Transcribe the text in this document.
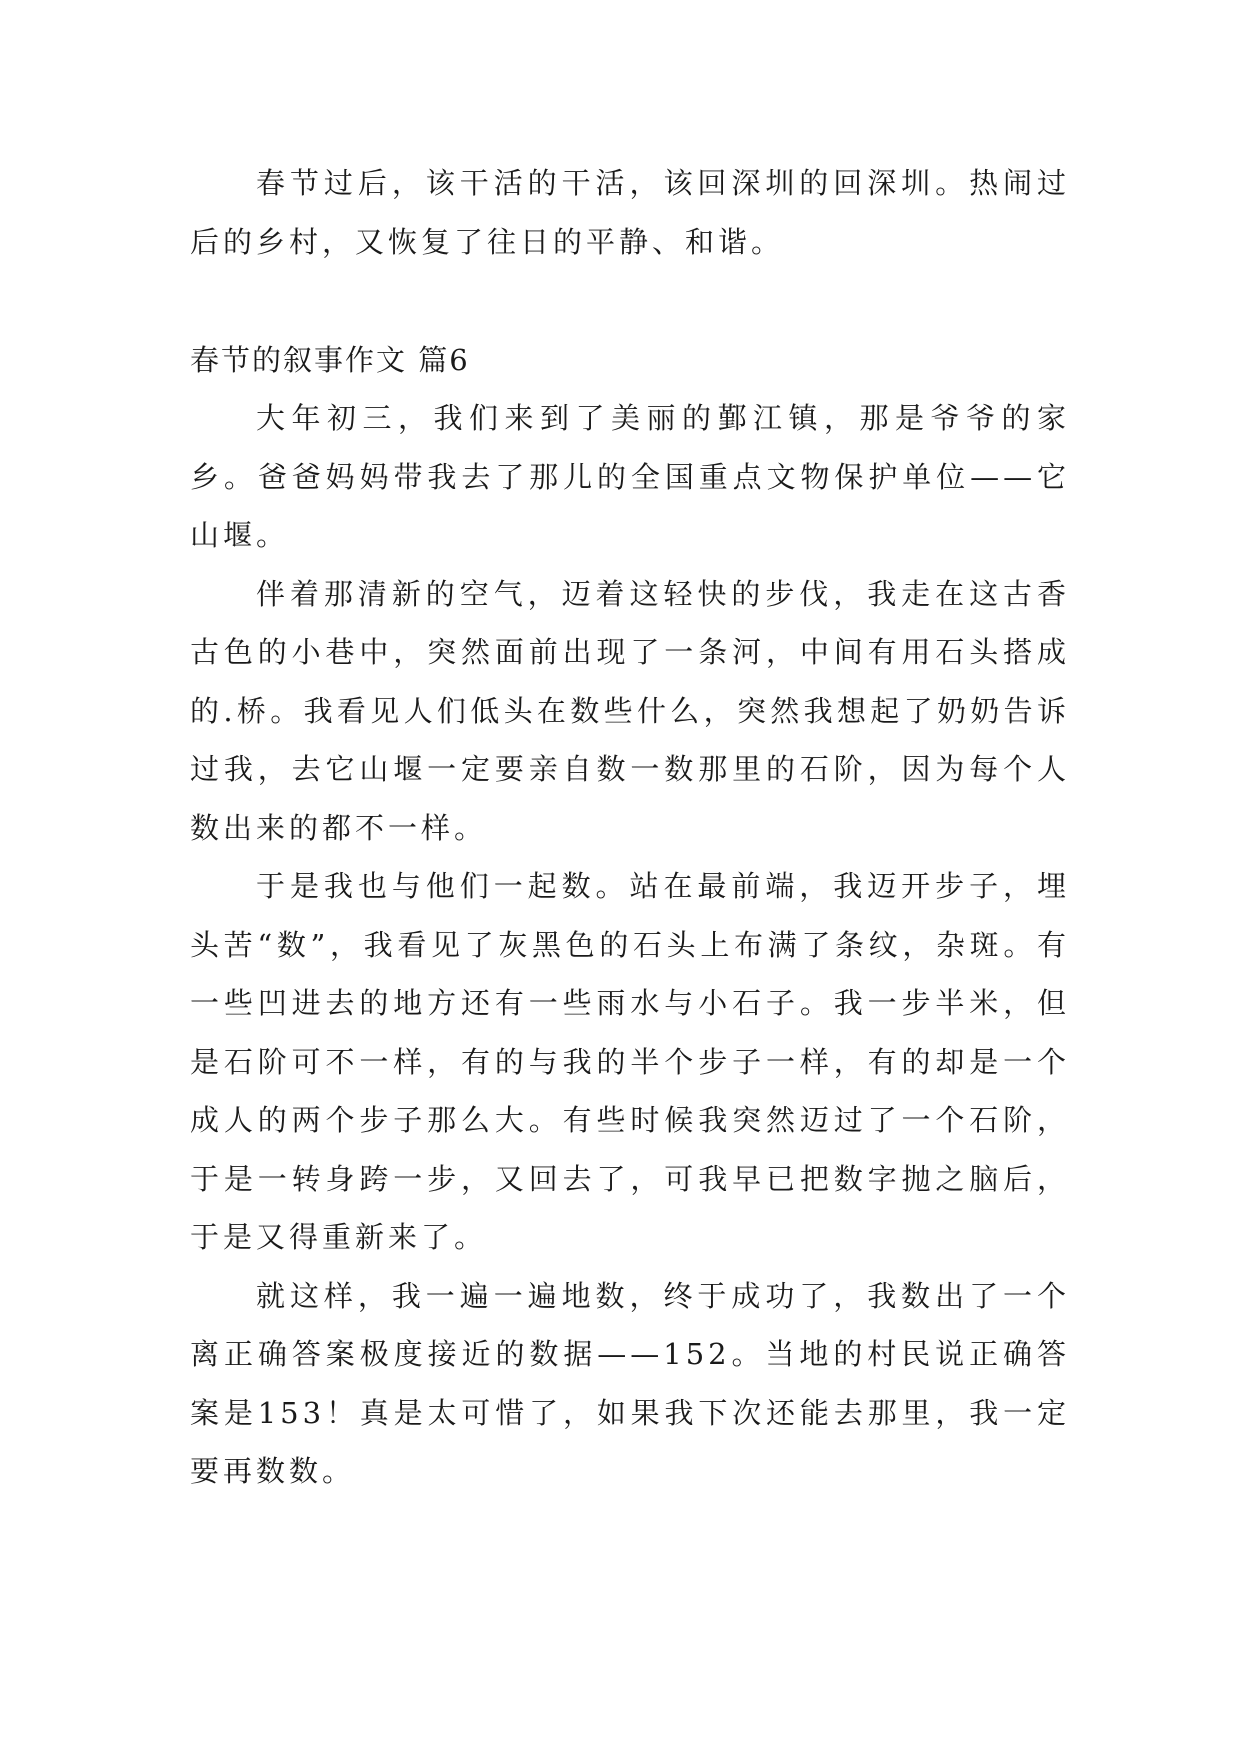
春节过后，该干活的干活，该回深圳的回深圳。热闹过后的乡村，又恢复了往日的平静、和谐。

春节的叙事作文 篇6

大年初三，我们来到了美丽的鄞江镇，那是爷爷的家乡。爸爸妈妈带我去了那儿的全国重点文物保护单位——它山堰。

伴着那清新的空气，迈着这轻快的步伐，我走在这古香古色的小巷中，突然面前出现了一条河，中间有用石头搭成的.桥。我看见人们低头在数些什么，突然我想起了奶奶告诉过我，去它山堰一定要亲自数一数那里的石阶，因为每个人数出来的都不一样。

于是我也与他们一起数。站在最前端，我迈开步子，埋头苦“数”，我看见了灰黑色的石头上布满了条纹，杂斑。有一些凹进去的地方还有一些雨水与小石子。我一步半米，但是石阶可不一样，有的与我的半个步子一样，有的却是一个成人的两个步子那么大。有些时候我突然迈过了一个石阶，于是一转身跨一步，又回去了，可我早已把数字抛之脑后，于是又得重新来了。

就这样，我一遍一遍地数，终于成功了，我数出了一个离正确答案极度接近的数据——152。当地的村民说正确答案是153！真是太可惜了，如果我下次还能去那里，我一定要再数数。
